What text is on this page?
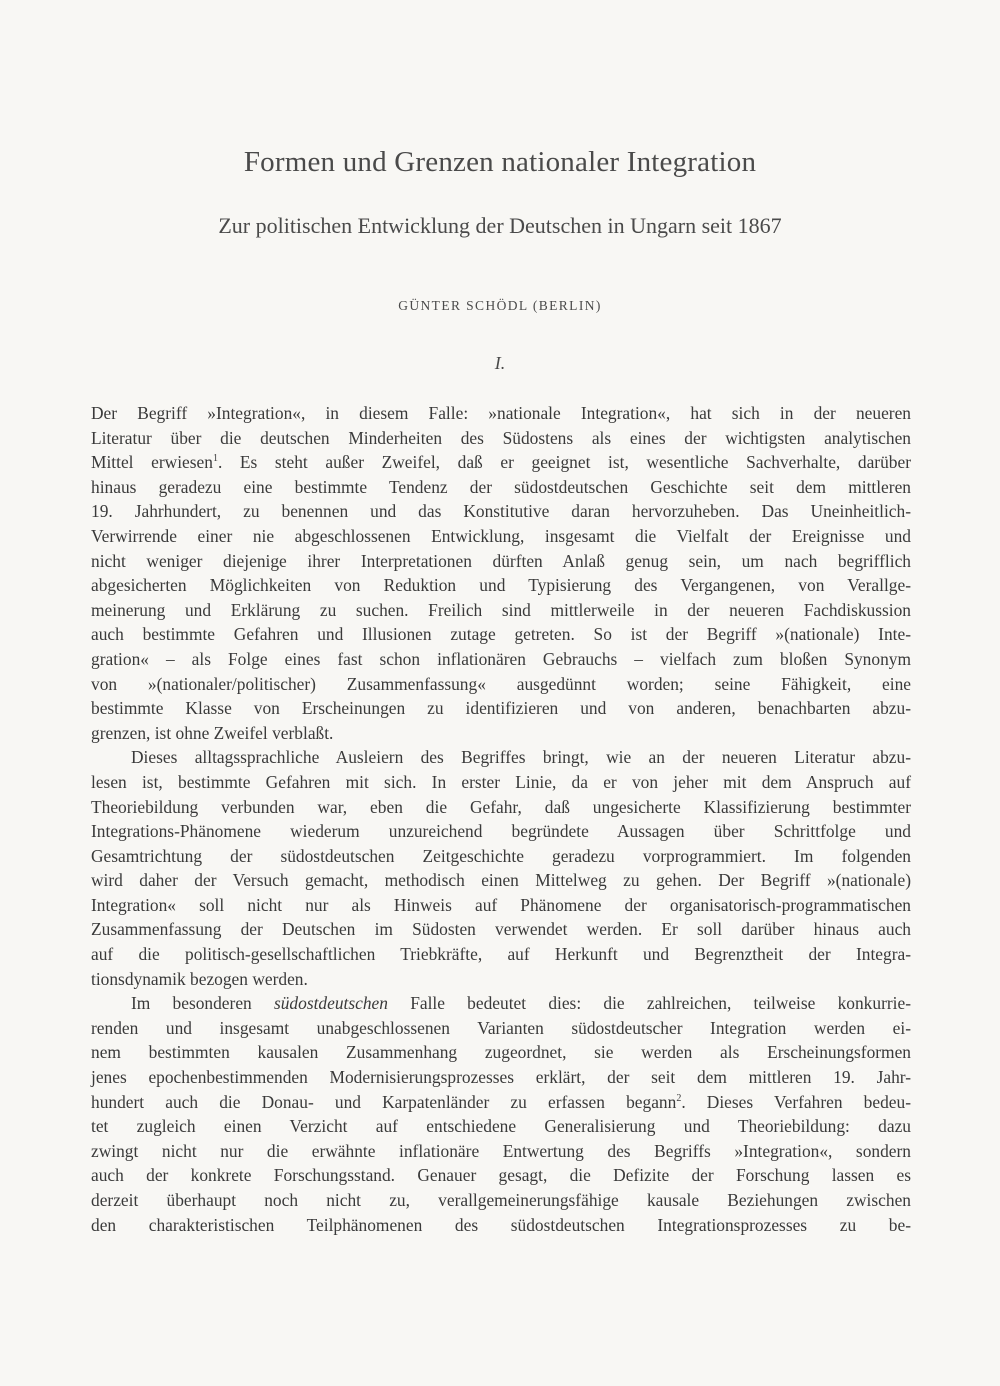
Formen und Grenzen nationaler Integration
Zur politischen Entwicklung der Deutschen in Ungarn seit 1867
GÜNTER SCHÖDL (BERLIN)
I.
Der Begriff »Integration«, in diesem Falle: »nationale Integration«, hat sich in der neueren
Literatur über die deutschen Minderheiten des Südostens als eines der wichtigsten analytischen
Mittel erwiesen$^1$. Es steht außer Zweifel, daß er geeignet ist, wesentliche Sachverhalte, darüber
hinaus geradezu eine bestimmte Tendenz der südostdeutschen Geschichte seit dem mittleren
19. Jahrhundert, zu benennen und das Konstitutive daran hervorzuheben. Das Uneinheitlich-
Verwirrende einer nie abgeschlossenen Entwicklung, insgesamt die Vielfalt der Ereignisse und
nicht weniger diejenige ihrer Interpretationen dürften Anlaß genug sein, um nach begrifflich
abgesicherten Möglichkeiten von Reduktion und Typisierung des Vergangenen, von Verallge-
meinerung und Erklärung zu suchen. Freilich sind mittlerweile in der neueren Fachdiskussion
auch bestimmte Gefahren und Illusionen zutage getreten. So ist der Begriff »(nationale) Inte-
gration« – als Folge eines fast schon inflationären Gebrauchs – vielfach zum bloßen Synonym
von »(nationaler/politischer) Zusammenfassung« ausgedünnt worden; seine Fähigkeit, eine
bestimmte Klasse von Erscheinungen zu identifizieren und von anderen, benachbarten abzu-
grenzen, ist ohne Zweifel verblaßt.
Dieses alltagssprachliche Ausleiern des Begriffes bringt, wie an der neueren Literatur abzu-
lesen ist, bestimmte Gefahren mit sich. In erster Linie, da er von jeher mit dem Anspruch auf
Theoriebildung verbunden war, eben die Gefahr, daß ungesicherte Klassifizierung bestimmter
Integrations-Phänomene wiederum unzureichend begründete Aussagen über Schrittfolge und
Gesamtrichtung der südostdeutschen Zeitgeschichte geradezu vorprogrammiert. Im folgenden
wird daher der Versuch gemacht, methodisch einen Mittelweg zu gehen. Der Begriff »(nationale)
Integration« soll nicht nur als Hinweis auf Phänomene der organisatorisch-programmatischen
Zusammenfassung der Deutschen im Südosten verwendet werden. Er soll darüber hinaus auch
auf die politisch-gesellschaftlichen Triebkräfte, auf Herkunft und Begrenztheit der Integra-
tionsdynamik bezogen werden.
Im besonderen südostdeutschen Falle bedeutet dies: die zahlreichen, teilweise konkurrie-
renden und insgesamt unabgeschlossenen Varianten südostdeutscher Integration werden ei-
nem bestimmten kausalen Zusammenhang zugeordnet, sie werden als Erscheinungsformen
jenes epochenbestimmenden Modernisierungsprozesses erklärt, der seit dem mittleren 19. Jahr-
hundert auch die Donau- und Karpatenländer zu erfassen begann$^2$. Dieses Verfahren bedeu-
tet zugleich einen Verzicht auf entschiedene Generalisierung und Theoriebildung: dazu
zwingt nicht nur die erwähnte inflationäre Entwertung des Begriffs »Integration«, sondern
auch der konkrete Forschungsstand. Genauer gesagt, die Defizite der Forschung lassen es
derzeit überhaupt noch nicht zu, verallgemeinerungsfähige kausale Beziehungen zwischen
den charakteristischen Teilphänomenen des südostdeutschen Integrationsprozesses zu be-
